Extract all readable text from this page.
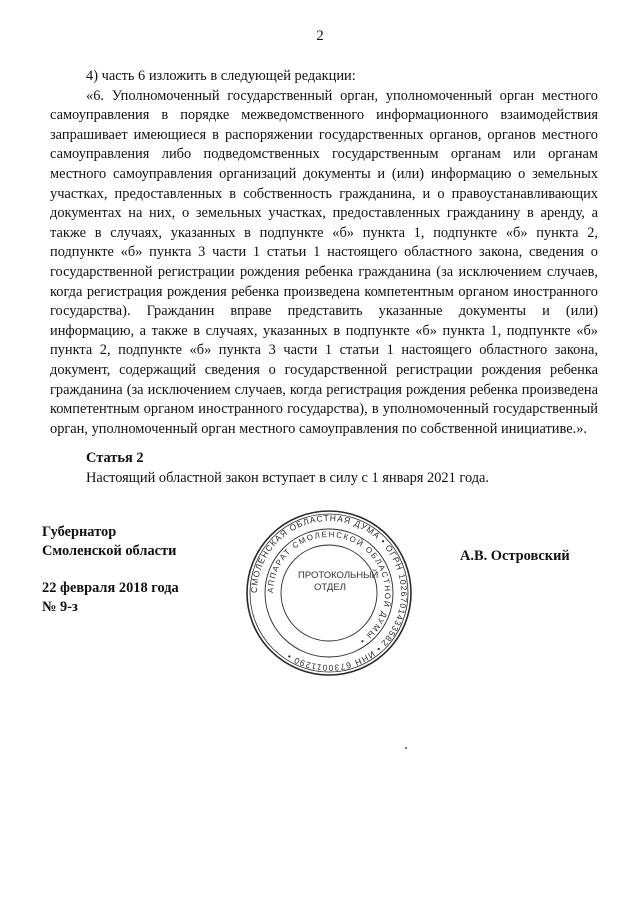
2

4) часть 6 изложить в следующей редакции:

«6. Уполномоченный государственный орган, уполномоченный орган местного самоуправления в порядке межведомственного информационного взаимодействия запрашивает имеющиеся в распоряжении государственных органов, органов местного самоуправления либо подведомственных государственным органам или органам местного самоуправления организаций документы и (или) информацию о земельных участках, предоставленных в собственность гражданина, и о правоустанавливающих документах на них, о земельных участках, предоставленных гражданину в аренду, а также в случаях, указанных в подпункте «б» пункта 1, подпункте «б» пункта 2, подпункте «б» пункта 3 части 1 статьи 1 настоящего областного закона, сведения о государственной регистрации рождения ребенка гражданина (за исключением случаев, когда регистрация рождения ребенка произведена компетентным органом иностранного государства). Гражданин вправе представить указанные документы и (или) информацию, а также в случаях, указанных в подпункте «б» пункта 1, подпункте «б» пункта 2, подпункте «б» пункта 3 части 1 статьи 1 настоящего областного закона, документ, содержащий сведения о государственной регистрации рождения ребенка гражданина (за исключением случаев, когда регистрация рождения ребенка произведена компетентным органом иностранного государства), в уполномоченный государственный орган, уполномоченный орган местного самоуправления по собственной инициативе.».

Статья 2
Настоящий областной закон вступает в силу с 1 января 2021 года.
Губернатор
Смоленской области
22 февраля 2018 года
№ 9-з
А.В. Островский
СМОЛЕНСКАЯ ОБЛАСТНАЯ ДУМА • ОГРН 1026701433582 • ИНН 6730011290 •
АППАРАТ СМОЛЕНСКОЙ ОБЛАСТНОЙ ДУМЫ •
ПРОТОКОЛЬНЫЙ
ОТДЕЛ
